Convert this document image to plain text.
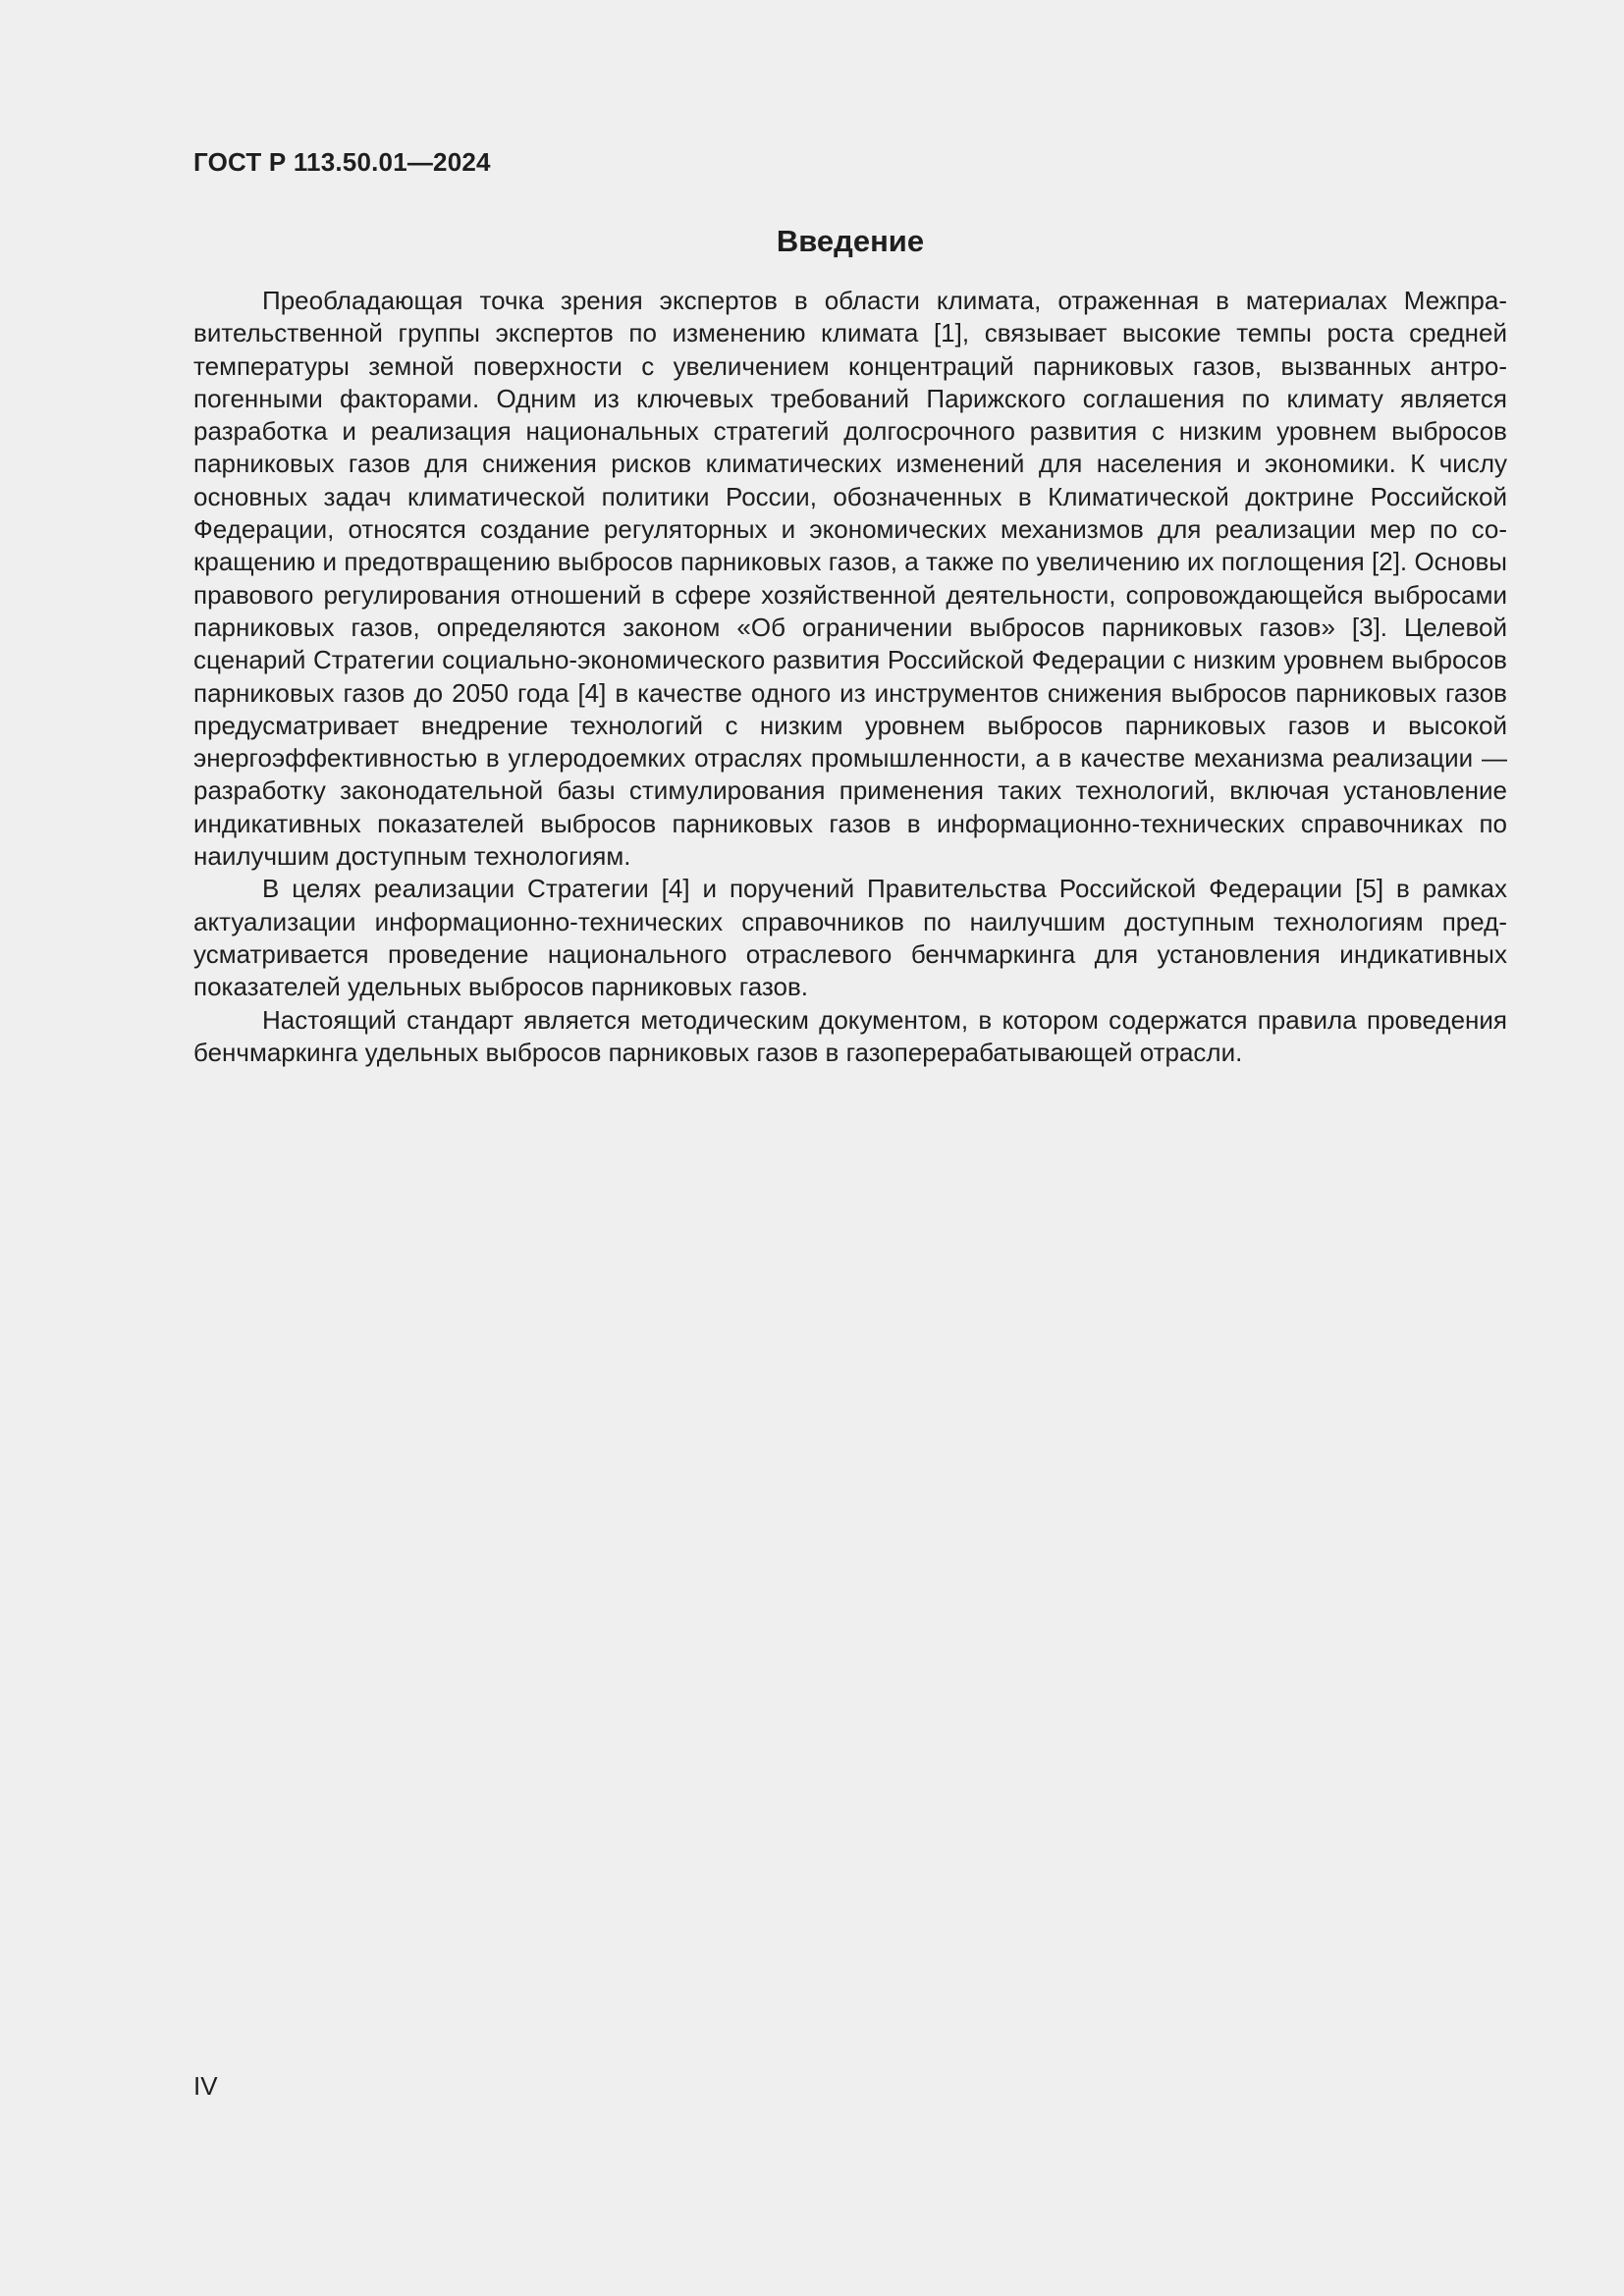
ГОСТ Р 113.50.01—2024
Введение

Преобладающая точка зрения экспертов в области климата, отраженная в материалах Межправительственной группы экспертов по изменению климата [1], связывает высокие темпы роста средней температуры земной поверхности с увеличением концентраций парниковых газов, вызванных антропогенными факторами. Одним из ключевых требований Парижского соглашения по климату является разработка и реализация национальных стратегий долгосрочного развития с низким уровнем выбросов парниковых газов для снижения рисков климатических изменений для населения и экономики. К числу основных задач климатической политики России, обозначенных в Климатической доктрине Российской Федерации, относятся создание регуляторных и экономических механизмов для реализации мер по сокращению и предотвращению выбросов парниковых газов, а также по увеличению их поглощения [2]. Основы правового регулирования отношений в сфере хозяйственной деятельности, сопровождающейся выбросами парниковых газов, определяются законом «Об ограничении выбросов парниковых газов» [3]. Целевой сценарий Стратегии социально-экономического развития Российской Федерации с низким уровнем выбросов парниковых газов до 2050 года [4] в качестве одного из инструментов снижения выбросов парниковых газов предусматривает внедрение технологий с низким уровнем выбросов парниковых газов и высокой энергоэффективностью в углеродоемких отраслях промышленности, а в качестве механизма реализации — разработку законодательной базы стимулирования применения таких технологий, включая установление индикативных показателей выбросов парниковых газов в информационно-технических справочниках по наилучшим доступным технологиям.

В целях реализации Стратегии [4] и поручений Правительства Российской Федерации [5] в рамках актуализации информационно-технических справочников по наилучшим доступным технологиям предусматривается проведение национального отраслевого бенчмаркинга для установления индикативных показателей удельных выбросов парниковых газов.

Настоящий стандарт является методическим документом, в котором содержатся правила проведения бенчмаркинга удельных выбросов парниковых газов в газоперерабатывающей отрасли.

IV
